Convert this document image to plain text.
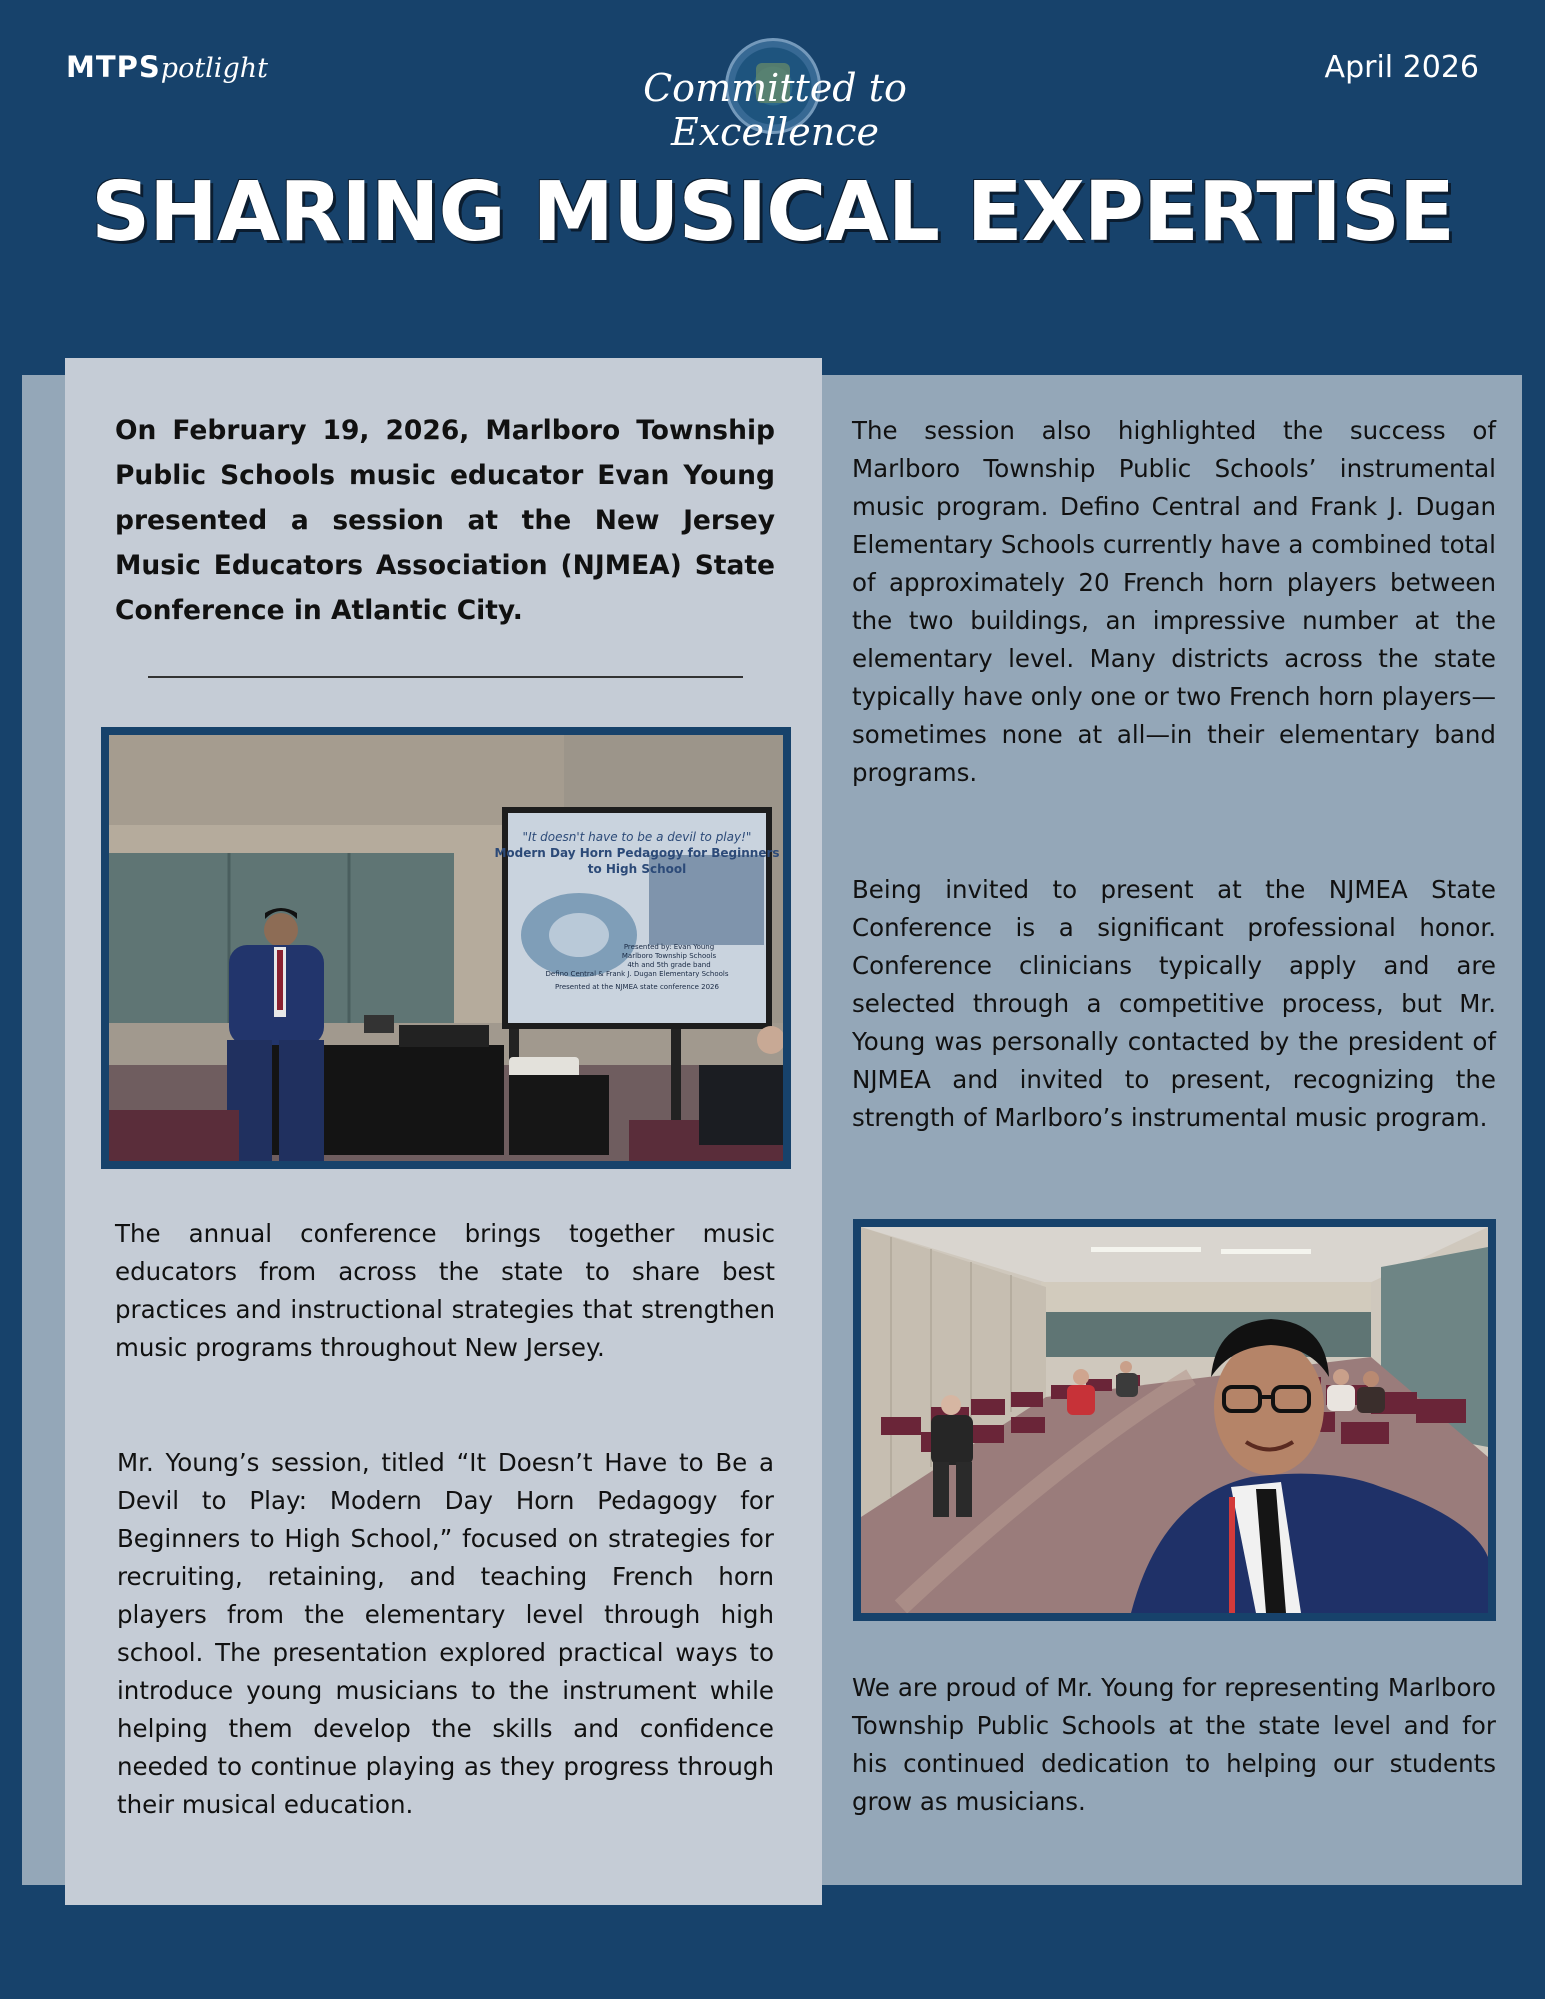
MTPSpotlight	Committed to Excellence
April 2026
SHARING MUSICAL EXPERTISE

On February 19, 2026, Marlboro Township Public Schools music educator Evan Young presented a session at the New Jersey Music Educators Association (NJMEA) State Conference in Atlantic City.

"It doesn't have to be a devil to play!"
Modern Day Horn Pedagogy for Beginners
to High School
Presented by: Evan Young
Marlboro Township Schools
4th and 5th grade band
Defino Central & Frank J. Dugan Elementary Schools
Presented at the NJMEA state conference 2026

The annual conference brings together music educators from across the state to share best practices and instructional strategies that strengthen music programs throughout New Jersey.

Mr. Young’s session, titled “It Doesn’t Have to Be a Devil to Play: Modern Day Horn Pedagogy for Beginners to High School,” focused on strategies for recruiting, retaining, and teaching French horn players from the elementary level through high school. The presentation explored practical ways to introduce young musicians to the instrument while helping them develop the skills and confidence needed to continue playing as they progress through their musical education.

The session also highlighted the success of Marlboro Township Public Schools’ instrumental music program. Defino Central and Frank J. Dugan Elementary Schools currently have a combined total of approximately 20 French horn players between the two buildings, an impressive number at the elementary level. Many districts across the state typically have only one or two French horn players—sometimes none at all—in their elementary band programs.

Being invited to present at the NJMEA State Conference is a significant professional honor. Conference clinicians typically apply and are selected through a competitive process, but Mr. Young was personally contacted by the president of NJMEA and invited to present, recognizing the strength of Marlboro’s instrumental music program.

We are proud of Mr. Young for representing Marlboro Township Public Schools at the state level and for his continued dedication to helping our students grow as musicians.
